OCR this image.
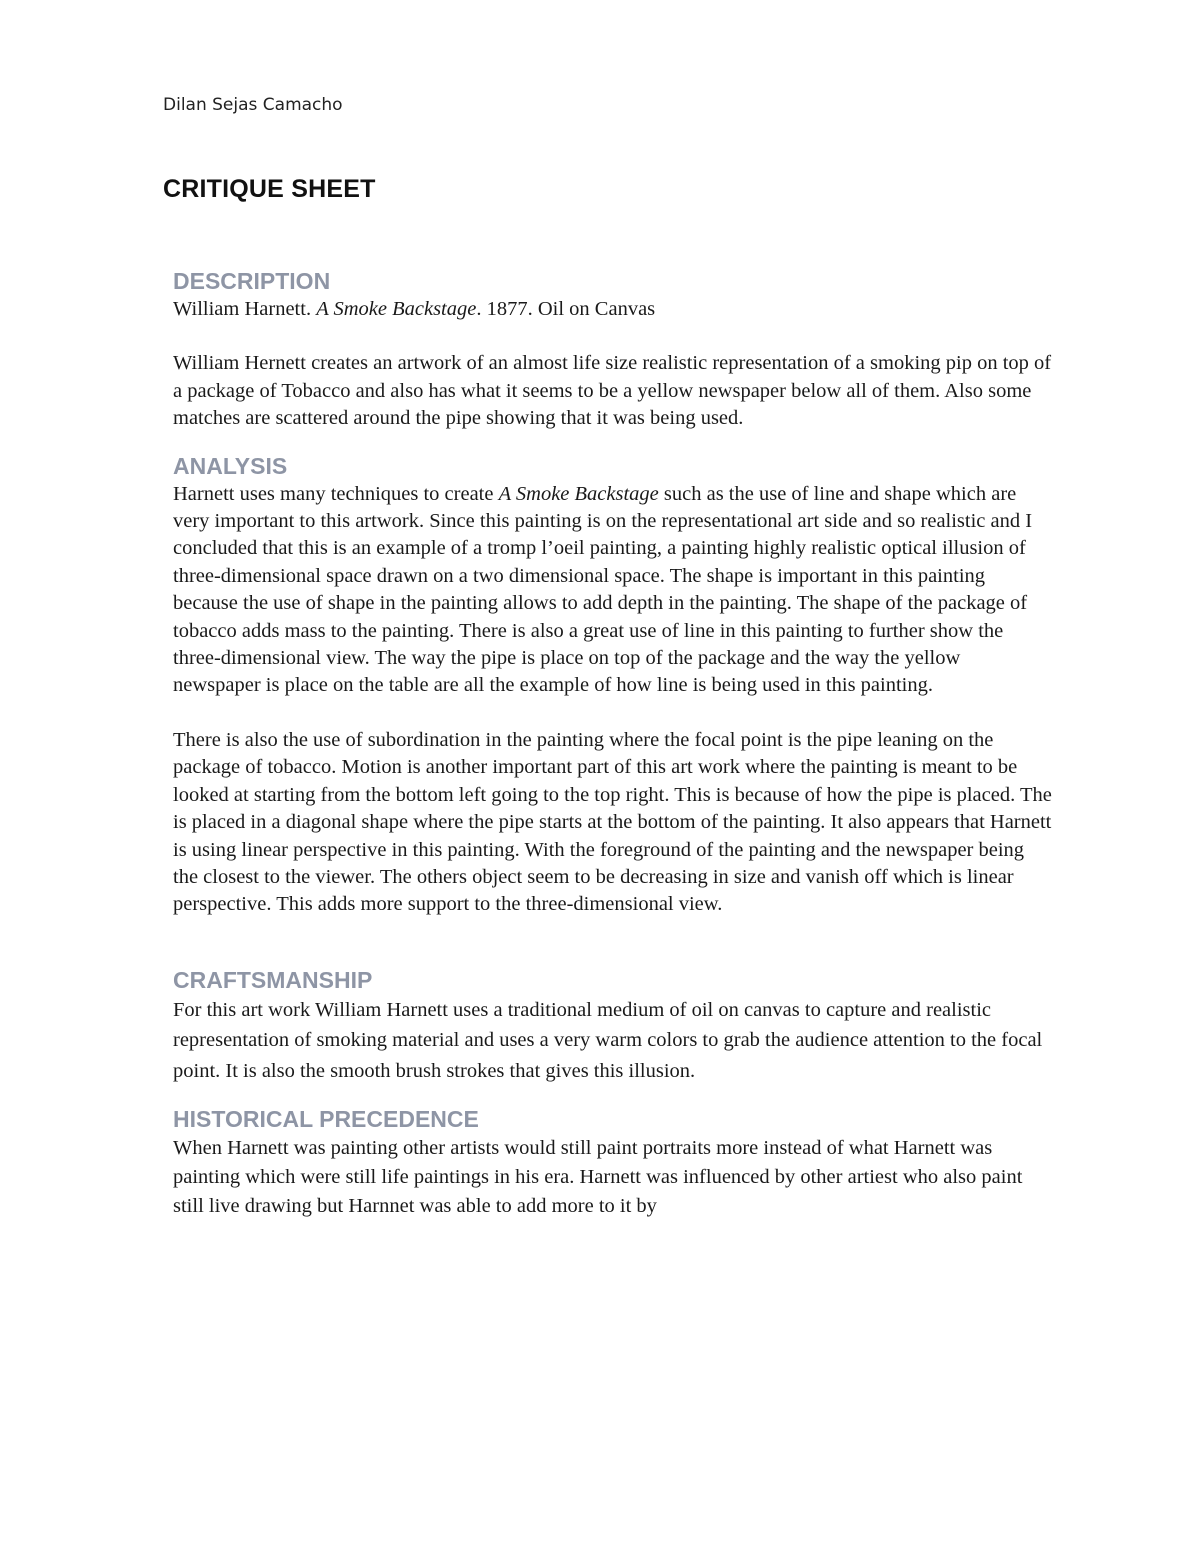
Dilan Sejas Camacho
CRITIQUE SHEET
DESCRIPTION

William Harnett. A Smoke Backstage. 1877. Oil on Canvas

William Hernett creates an artwork of an almost life size realistic representation of a smoking pip on top of a package of Tobacco and also has what it seems to be a yellow newspaper below all of them. Also some matches are scattered around the pipe showing that it was being used.

ANALYSIS

Harnett uses many techniques to create A Smoke Backstage such as the use of line and shape which are very important to this artwork. Since this painting is on the representational art side and so realistic and I concluded that this is an example of a tromp l’oeil painting, a painting highly realistic optical illusion of three-dimensional space drawn on a two dimensional space. The shape is important in this painting because the use of shape in the painting allows to add depth in the painting. The shape of the package of tobacco adds mass to the painting. There is also a great use of line in this painting to further show the three-dimensional view. The way the pipe is place on top of the package and the way the yellow newspaper is place on the table are all the example of how line is being used in this painting.

There is also the use of subordination in the painting where the focal point is the pipe leaning on the package of tobacco. Motion is another important part of this art work where the painting is meant to be looked at starting from the bottom left going to the top right. This is because of how the pipe is placed. The is placed in a diagonal shape where the pipe starts at the bottom of the painting. It also appears that Harnett is using linear perspective in this painting. With the foreground of the painting and the newspaper being the closest to the viewer. The others object seem to be decreasing in size and vanish off which is linear perspective. This adds more support to the three-dimensional view.

CRAFTSMANSHIP

For this art work William Harnett uses a traditional medium of oil on canvas to capture and realistic representation of smoking material and uses a very warm colors to grab the audience attention to the focal point. It is also the smooth brush strokes that gives this illusion.

HISTORICAL PRECEDENCE

When Harnett was painting other artists would still paint portraits more instead of what Harnett was painting which were still life paintings in his era. Harnett was influenced by other artiest who also paint still live drawing but Harnnet was able to add more to it by
